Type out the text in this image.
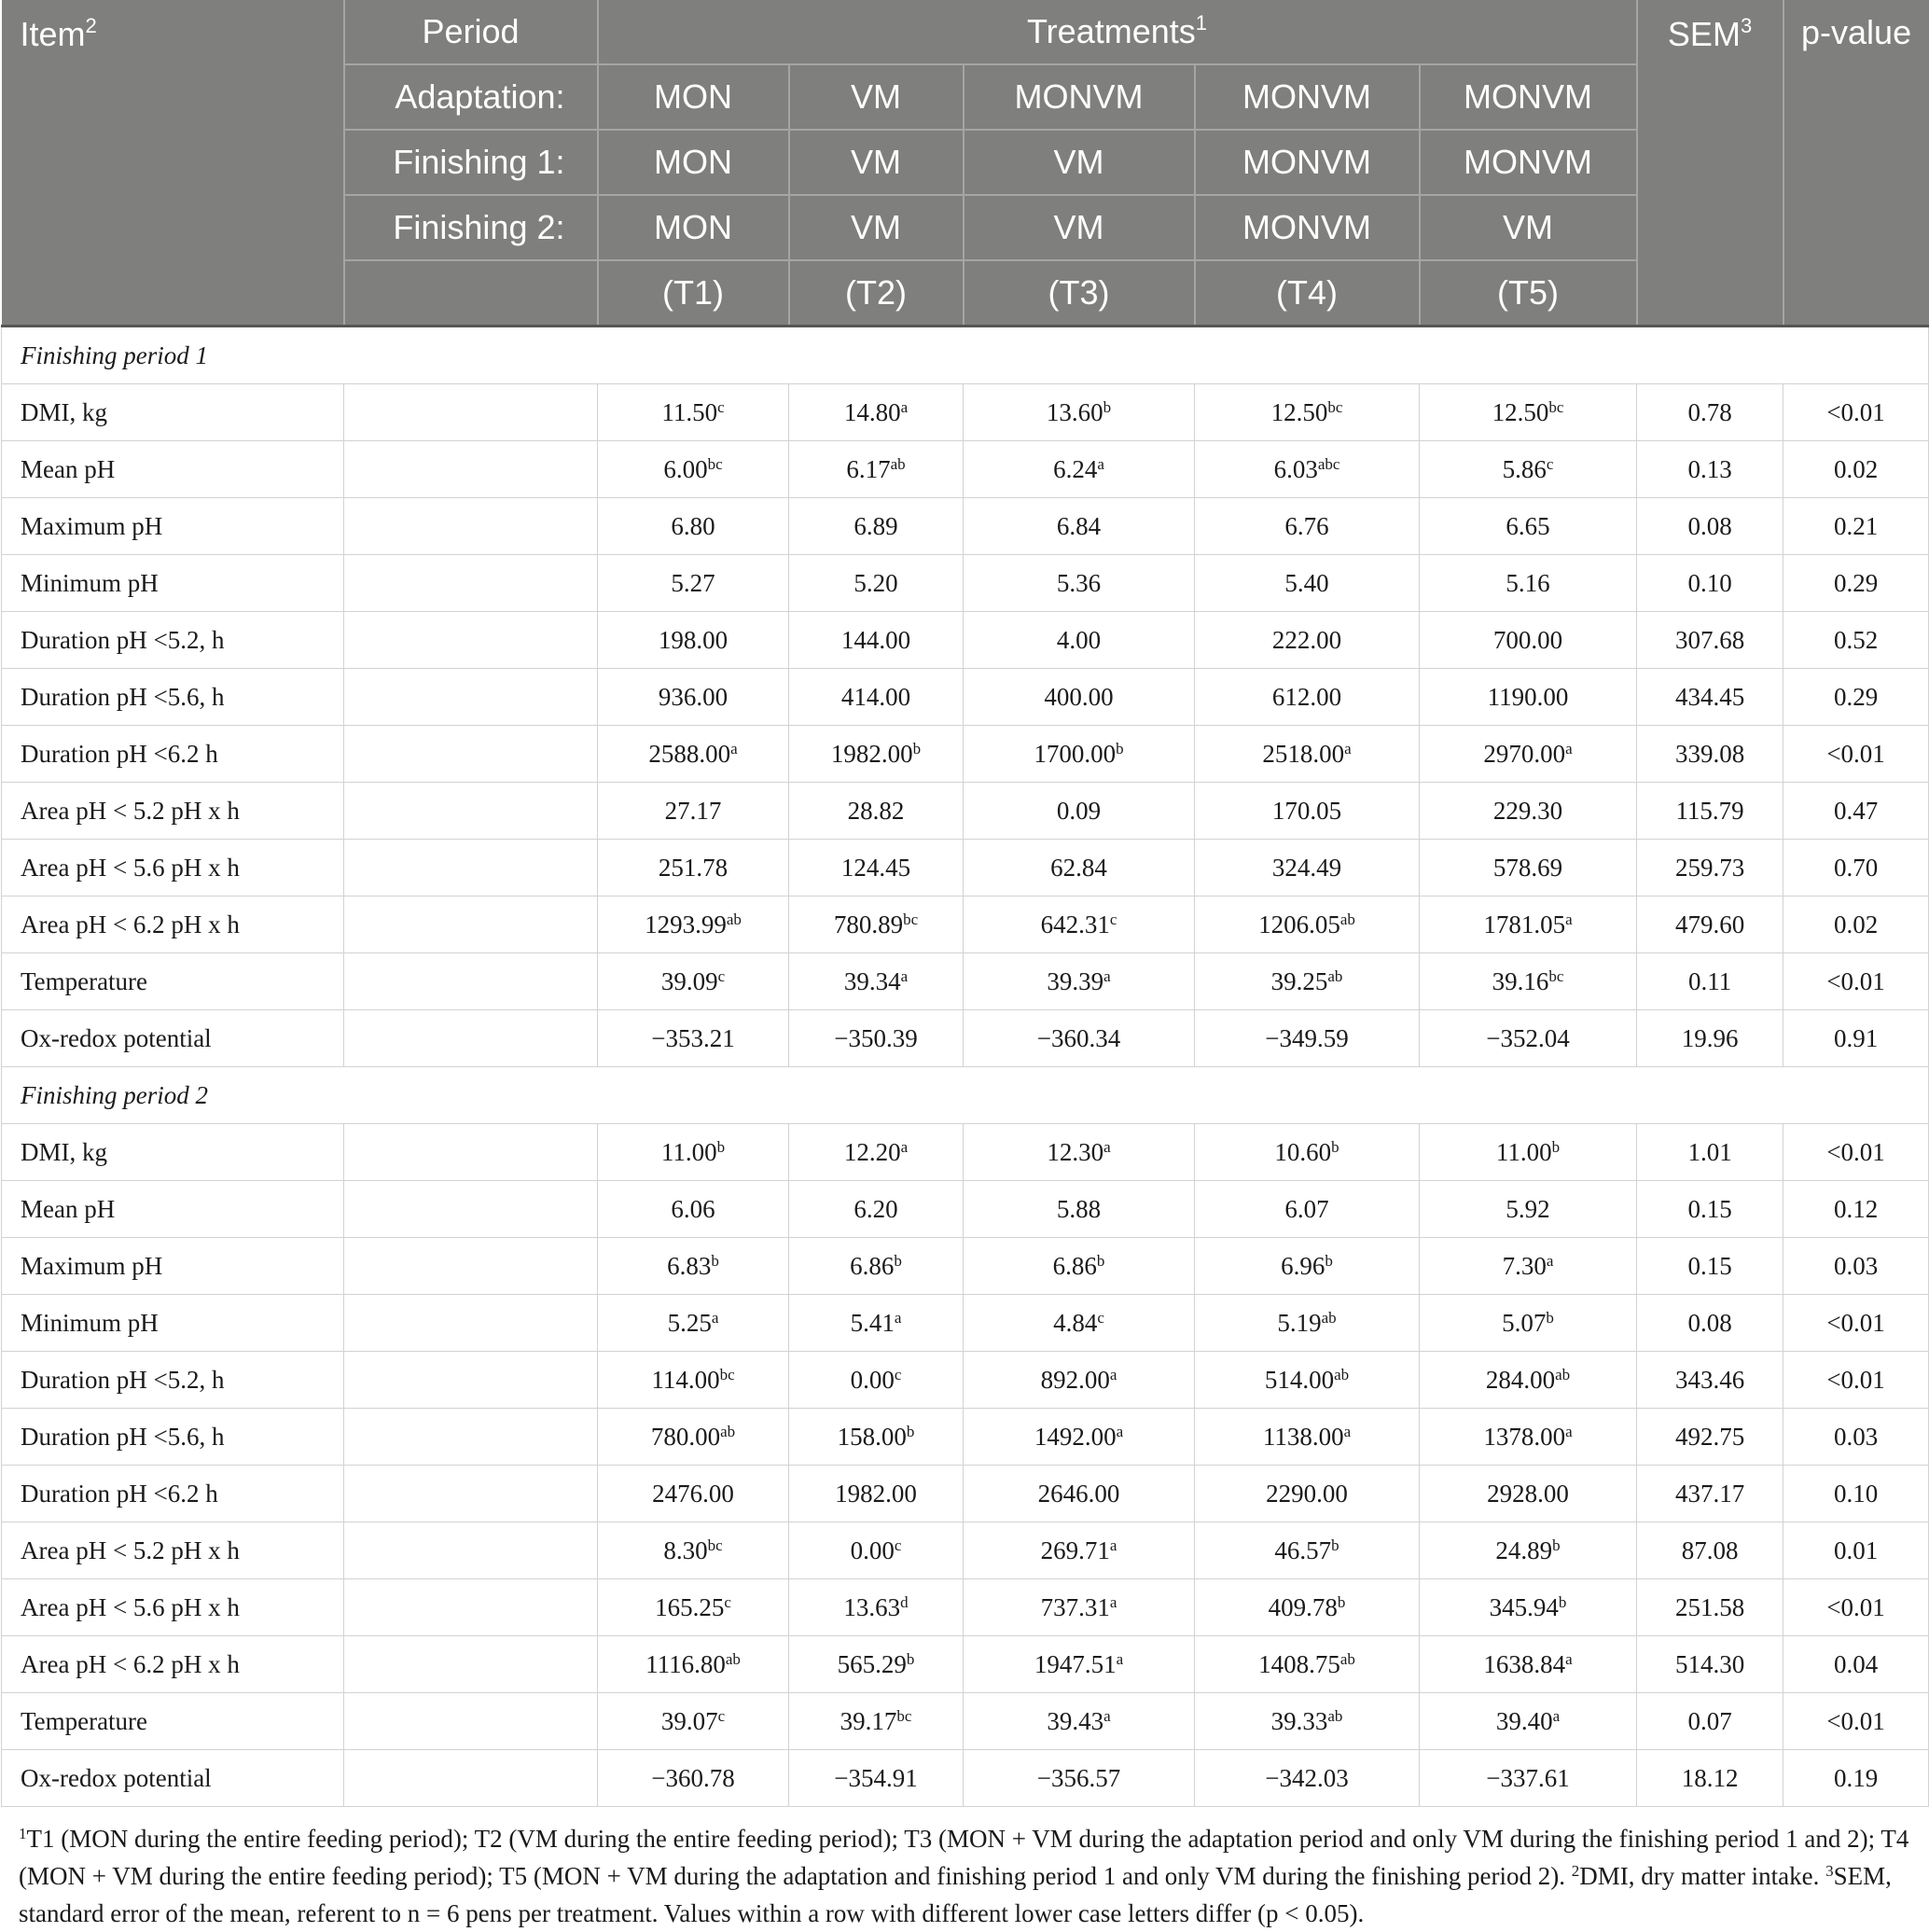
Item$^2$	Period	Treatments$^1$					SEM$^3$	p-value
	Adaptation:	MON	VM	MONVM	MONVM	MONVM		
	Finishing 1:	MON	VM	VM	MONVM	MONVM		
	Finishing 2:	MON	VM	VM	MONVM	VM		
		(T1)	(T2)	(T3)	(T4)	(T5)		
Finishing period 1								
DMI, kg		11.50$^c$	14.80$^a$	13.60$^b$	12.50$^{bc}$	12.50$^{bc}$	0.78	<0.01
Mean pH		6.00$^{bc}$	6.17$^{ab}$	6.24$^a$	6.03$^{abc}$	5.86$^c$	0.13	0.02
Maximum pH		6.80	6.89	6.84	6.76	6.65	0.08	0.21
Minimum pH		5.27	5.20	5.36	5.40	5.16	0.10	0.29
Duration pH <5.2, h		198.00	144.00	4.00	222.00	700.00	307.68	0.52
Duration pH <5.6, h		936.00	414.00	400.00	612.00	1190.00	434.45	0.29
Duration pH <6.2 h		2588.00$^a$	1982.00$^b$	1700.00$^b$	2518.00$^a$	2970.00$^a$	339.08	<0.01
Area pH < 5.2 pH x h		27.17	28.82	0.09	170.05	229.30	115.79	0.47
Area pH < 5.6 pH x h		251.78	124.45	62.84	324.49	578.69	259.73	0.70
Area pH < 6.2 pH x h		1293.99$^{ab}$	780.89$^{bc}$	642.31$^c$	1206.05$^{ab}$	1781.05$^a$	479.60	0.02
Temperature		39.09$^c$	39.34$^a$	39.39$^a$	39.25$^{ab}$	39.16$^{bc}$	0.11	<0.01
Ox-redox potential		−353.21	−350.39	−360.34	−349.59	−352.04	19.96	0.91
Finishing period 2								
DMI, kg		11.00$^b$	12.20$^a$	12.30$^a$	10.60$^b$	11.00$^b$	1.01	<0.01
Mean pH		6.06	6.20	5.88	6.07	5.92	0.15	0.12
Maximum pH		6.83$^b$	6.86$^b$	6.86$^b$	6.96$^b$	7.30$^a$	0.15	0.03
Minimum pH		5.25$^a$	5.41$^a$	4.84$^c$	5.19$^{ab}$	5.07$^b$	0.08	<0.01
Duration pH <5.2, h		114.00$^{bc}$	0.00$^c$	892.00$^a$	514.00$^{ab}$	284.00$^{ab}$	343.46	<0.01
Duration pH <5.6, h		780.00$^{ab}$	158.00$^b$	1492.00$^a$	1138.00$^a$	1378.00$^a$	492.75	0.03
Duration pH <6.2 h		2476.00	1982.00	2646.00	2290.00	2928.00	437.17	0.10
Area pH < 5.2 pH x h		8.30$^{bc}$	0.00$^c$	269.71$^a$	46.57$^b$	24.89$^b$	87.08	0.01
Area pH < 5.6 pH x h		165.25$^c$	13.63$^d$	737.31$^a$	409.78$^b$	345.94$^b$	251.58	<0.01
Area pH < 6.2 pH x h		1116.80$^{ab}$	565.29$^b$	1947.51$^a$	1408.75$^{ab}$	1638.84$^a$	514.30	0.04
Temperature		39.07$^c$	39.17$^{bc}$	39.43$^a$	39.33$^{ab}$	39.40$^a$	0.07	<0.01
Ox-redox potential		−360.78	−354.91	−356.57	−342.03	−337.61	18.12	0.19
$^1$T1 (MON during the entire feeding period); T2 (VM during the entire feeding period); T3 (MON + VM during the adaptation period and only VM during the finishing period 1 and 2); T4 (MON + VM during the entire feeding period); T5 (MON + VM during the adaptation and finishing period 1 and only VM during the finishing period 2). $^2$DMI, dry matter intake. $^3$SEM, standard error of the mean, referent to n = 6 pens per treatment. Values within a row with different lower case letters differ (p < 0.05).
